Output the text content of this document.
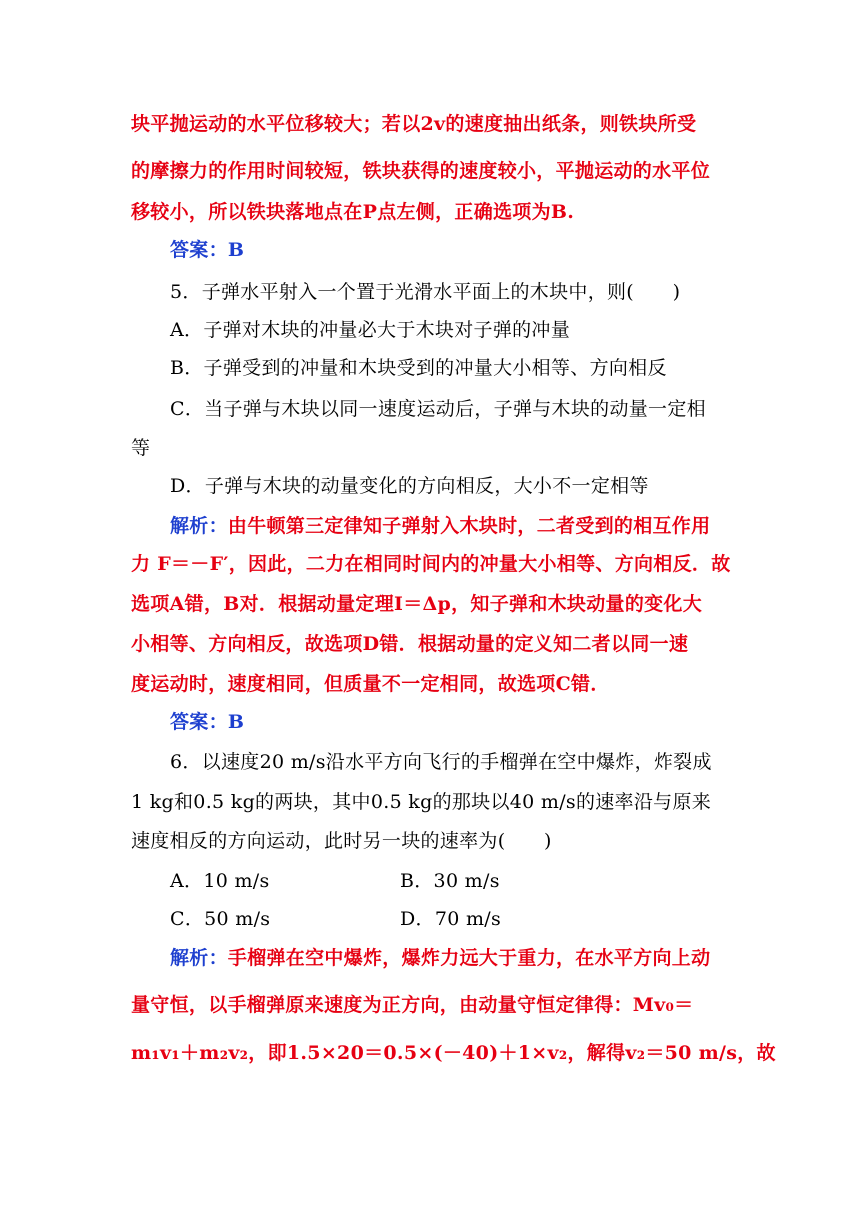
块平抛运动的水平位移较大；若以2v的速度抽出纸条，则铁块所受
的摩擦力的作用时间较短，铁块获得的速度较小，平抛运动的水平位
移较小，所以铁块落地点在P点左侧，正确选项为B.
答案：B
5．子弹水平射入一个置于光滑水平面上的木块中，则(　　)
A．子弹对木块的冲量必大于木块对子弹的冲量
B．子弹受到的冲量和木块受到的冲量大小相等、方向相反
C．当子弹与木块以同一速度运动后，子弹与木块的动量一定相
等
D．子弹与木块的动量变化的方向相反，大小不一定相等
解析：由牛顿第三定律知子弹射入木块时，二者受到的相互作用
力 F＝－F′，因此，二力在相同时间内的冲量大小相等、方向相反．故
选项A错，B对．根据动量定理I＝Δp，知子弹和木块动量的变化大
小相等、方向相反，故选项D错．根据动量的定义知二者以同一速
度运动时，速度相同，但质量不一定相同，故选项C错．
答案：B
6．以速度20 m/s沿水平方向飞行的手榴弹在空中爆炸，炸裂成
1 kg和0.5 kg的两块，其中0.5 kg的那块以40 m/s的速率沿与原来
速度相反的方向运动，此时另一块的速率为(　　)
A．10 m/s	B．30 m/s
C．50 m/s	D．70 m/s
解析：手榴弹在空中爆炸，爆炸力远大于重力，在水平方向上动
量守恒，以手榴弹原来速度为正方向，由动量守恒定律得：Mv₀＝
m₁v₁＋m₂v₂，即1.5×20＝0.5×(－40)＋1×v₂，解得v₂＝50 m/s，故
